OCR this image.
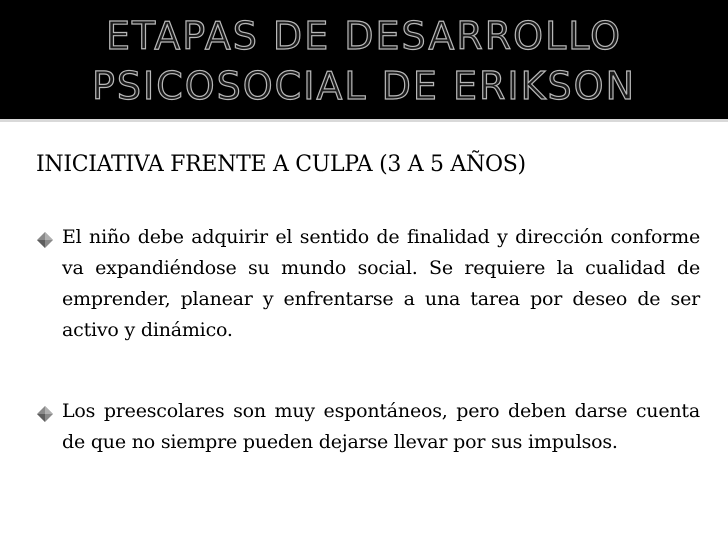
ETAPAS DE DESARROLLO
PSICOSOCIAL DE ERIKSON
INICIATIVA FRENTE A CULPA (3 A 5 AÑOS)

El niño debe adquirir el sentido de finalidad y dirección conforme va expandiéndose su mundo social. Se requiere la cualidad de emprender, planear y enfrentarse a una tarea por deseo de ser activo y dinámico.

Los preescolares son muy espontáneos, pero deben darse cuenta de que no siempre pueden dejarse llevar por sus impulsos.
